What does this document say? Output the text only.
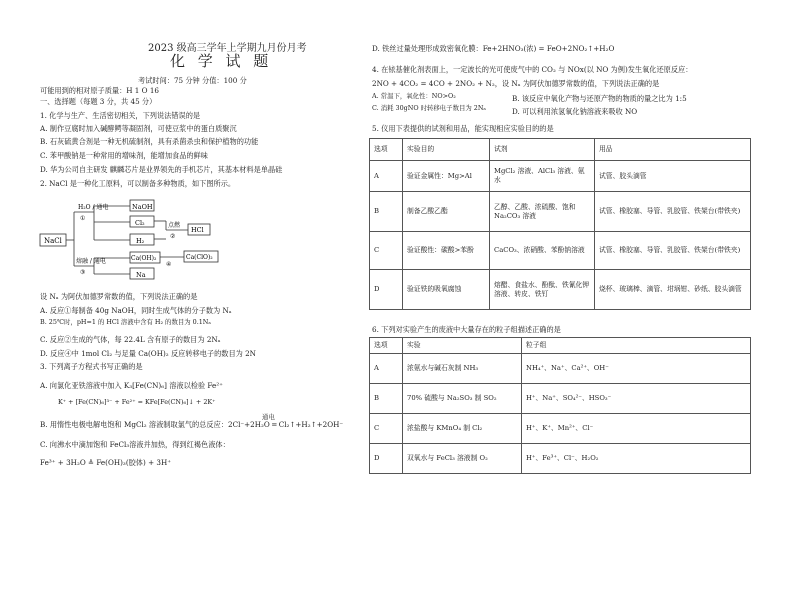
2023 级高三学年上学期九月份月考
化 学 试 题
考试时间：75 分钟 分值：100 分
可能用到的相对原子质量：H 1 O 16
一、选择题（每题 3 分，共 45 分）
1. 化学与生产、生活密切相关，下列说法错误的是
A. 制作豆腐时加入碱酵鳄等凝固剂，可使豆浆中的蛋白质聚沉
B. 石灰硫黄合剂是一种无机硫制剂，具有杀菌杀虫和保护植物的功能
C. 苯甲酸钠是一种常用的增味剂，能增加食品的鲜味
D. 华为公司自主研发 麒麟芯片是业界领先的手机芯片，其基本材料是单晶硅
2. NaCl 是一种化工原料，可以制备多种物质，如下图所示。
NaCl
H₂O / 通电
①
熔融 / 通电
③
NaOH
Cl₂
H₂
Ca(OH)₂
Na
点燃
②
④
HCl
Ca(ClO)₂
设 Nₐ 为阿伏加德罗常数的值，下列说法正确的是
A. 反应①每制备 40g NaOH，同时生成气体的分子数为 Nₐ
B. 25℃时，pH=1 的 HCl 溶液中含有 H₂ 的数目为 0.1Nₐ
C. 反应②生成的气体，每 22.4L 含有原子的数目为 2Nₐ
D. 反应④中 1mol Cl₂ 与足量 Ca(OH)₂ 反应转移电子的数目为 2N
3. 下列离子方程式书写正确的是
A. 向氯化亚铁溶液中加入 K₃[Fe(CN)₆] 溶液以检验 Fe²⁺
K⁺ + [Fe(CN)₆]³⁻ + Fe²⁺ = KFe[Fe(CN)₆]↓ + 2K⁺
通电
B. 用惰性电极电解电饱和 MgCl₂ 溶液制取氯气的总反应：2Cl⁻+2H₂O ═ Cl₂↑+H₂↑+2OH⁻
C. 向沸水中滴加饱和 FeCl₃溶液并加热，得到红褐色液体：
Fe³⁺ + 3H₂O ≜ Fe(OH)₃(胶体) + 3H⁺
D. 铁丝过量处理形成致密氧化膜：Fe+2HNO₃(浓) = FeO+2NO₂↑+H₂O
4. 在铱基催化剂表面上，一定波长的光可使废气中的 CO₂ 与 NOx(以 NO 为例)发生氧化还原反应：
2NO + 4CO₂ = 4CO + 2NO₂ + N₂，设 Nₐ 为阿伏加德罗常数的值，下列说法正确的是
A. 常温下，氧化性：NO>O₂	B. 该反应中氧化产物与还原产物的物质的量之比为 1:5
C. 消耗 30gNO 时转移电子数目为 2Nₐ	D. 可以利用浓氢氧化钠溶液来吸收 NO
5. 仪用下表提供的试剂和用品，能实现相应实验目的的是
选项	实验目的	试剂	用品
A	验证金属性：Mg>Al	MgCl₂ 溶液、AlCl₃ 溶液、氨水	试管、胶头滴管
B	制备乙酸乙酯	乙醇、乙酸、浓硫酸、饱和 Na₂CO₃ 溶液	试管、橡胶塞、导管、乳胶管、铁架台(带铁夹)
C	验证酸性：碳酸>苯酚	CaCO₃、浓硝酸、苯酚钠溶液	试管、橡胶塞、导管、乳胶管、铁架台(带铁夹)
D	验证铁的吸氧腐蚀	熔醋、食盐水、酚酞、铁氰化钾溶液、转皮、铁钉	烧杯、玻璃棒、滴管、坩埚钳、砂纸、胶头滴管
6. 下列对实验产生的废液中大量存在的粒子组描述正确的是
选项	实验	粒子组
A	浓氨水与碱石灰制 NH₃	NH₄⁺、Na⁺、Ca²⁺、OH⁻
B	70% 硫酸与 Na₂SO₃ 制 SO₂	H⁺、Na⁺、SO₄²⁻、HSO₃⁻
C	浓盐酸与 KMnO₄ 制 Cl₂	H⁺、K⁺、Mn²⁺、Cl⁻
D	双氧水与 FeCl₃ 溶液制 O₂	H⁺、Fe³⁺、Cl⁻、H₂O₂
